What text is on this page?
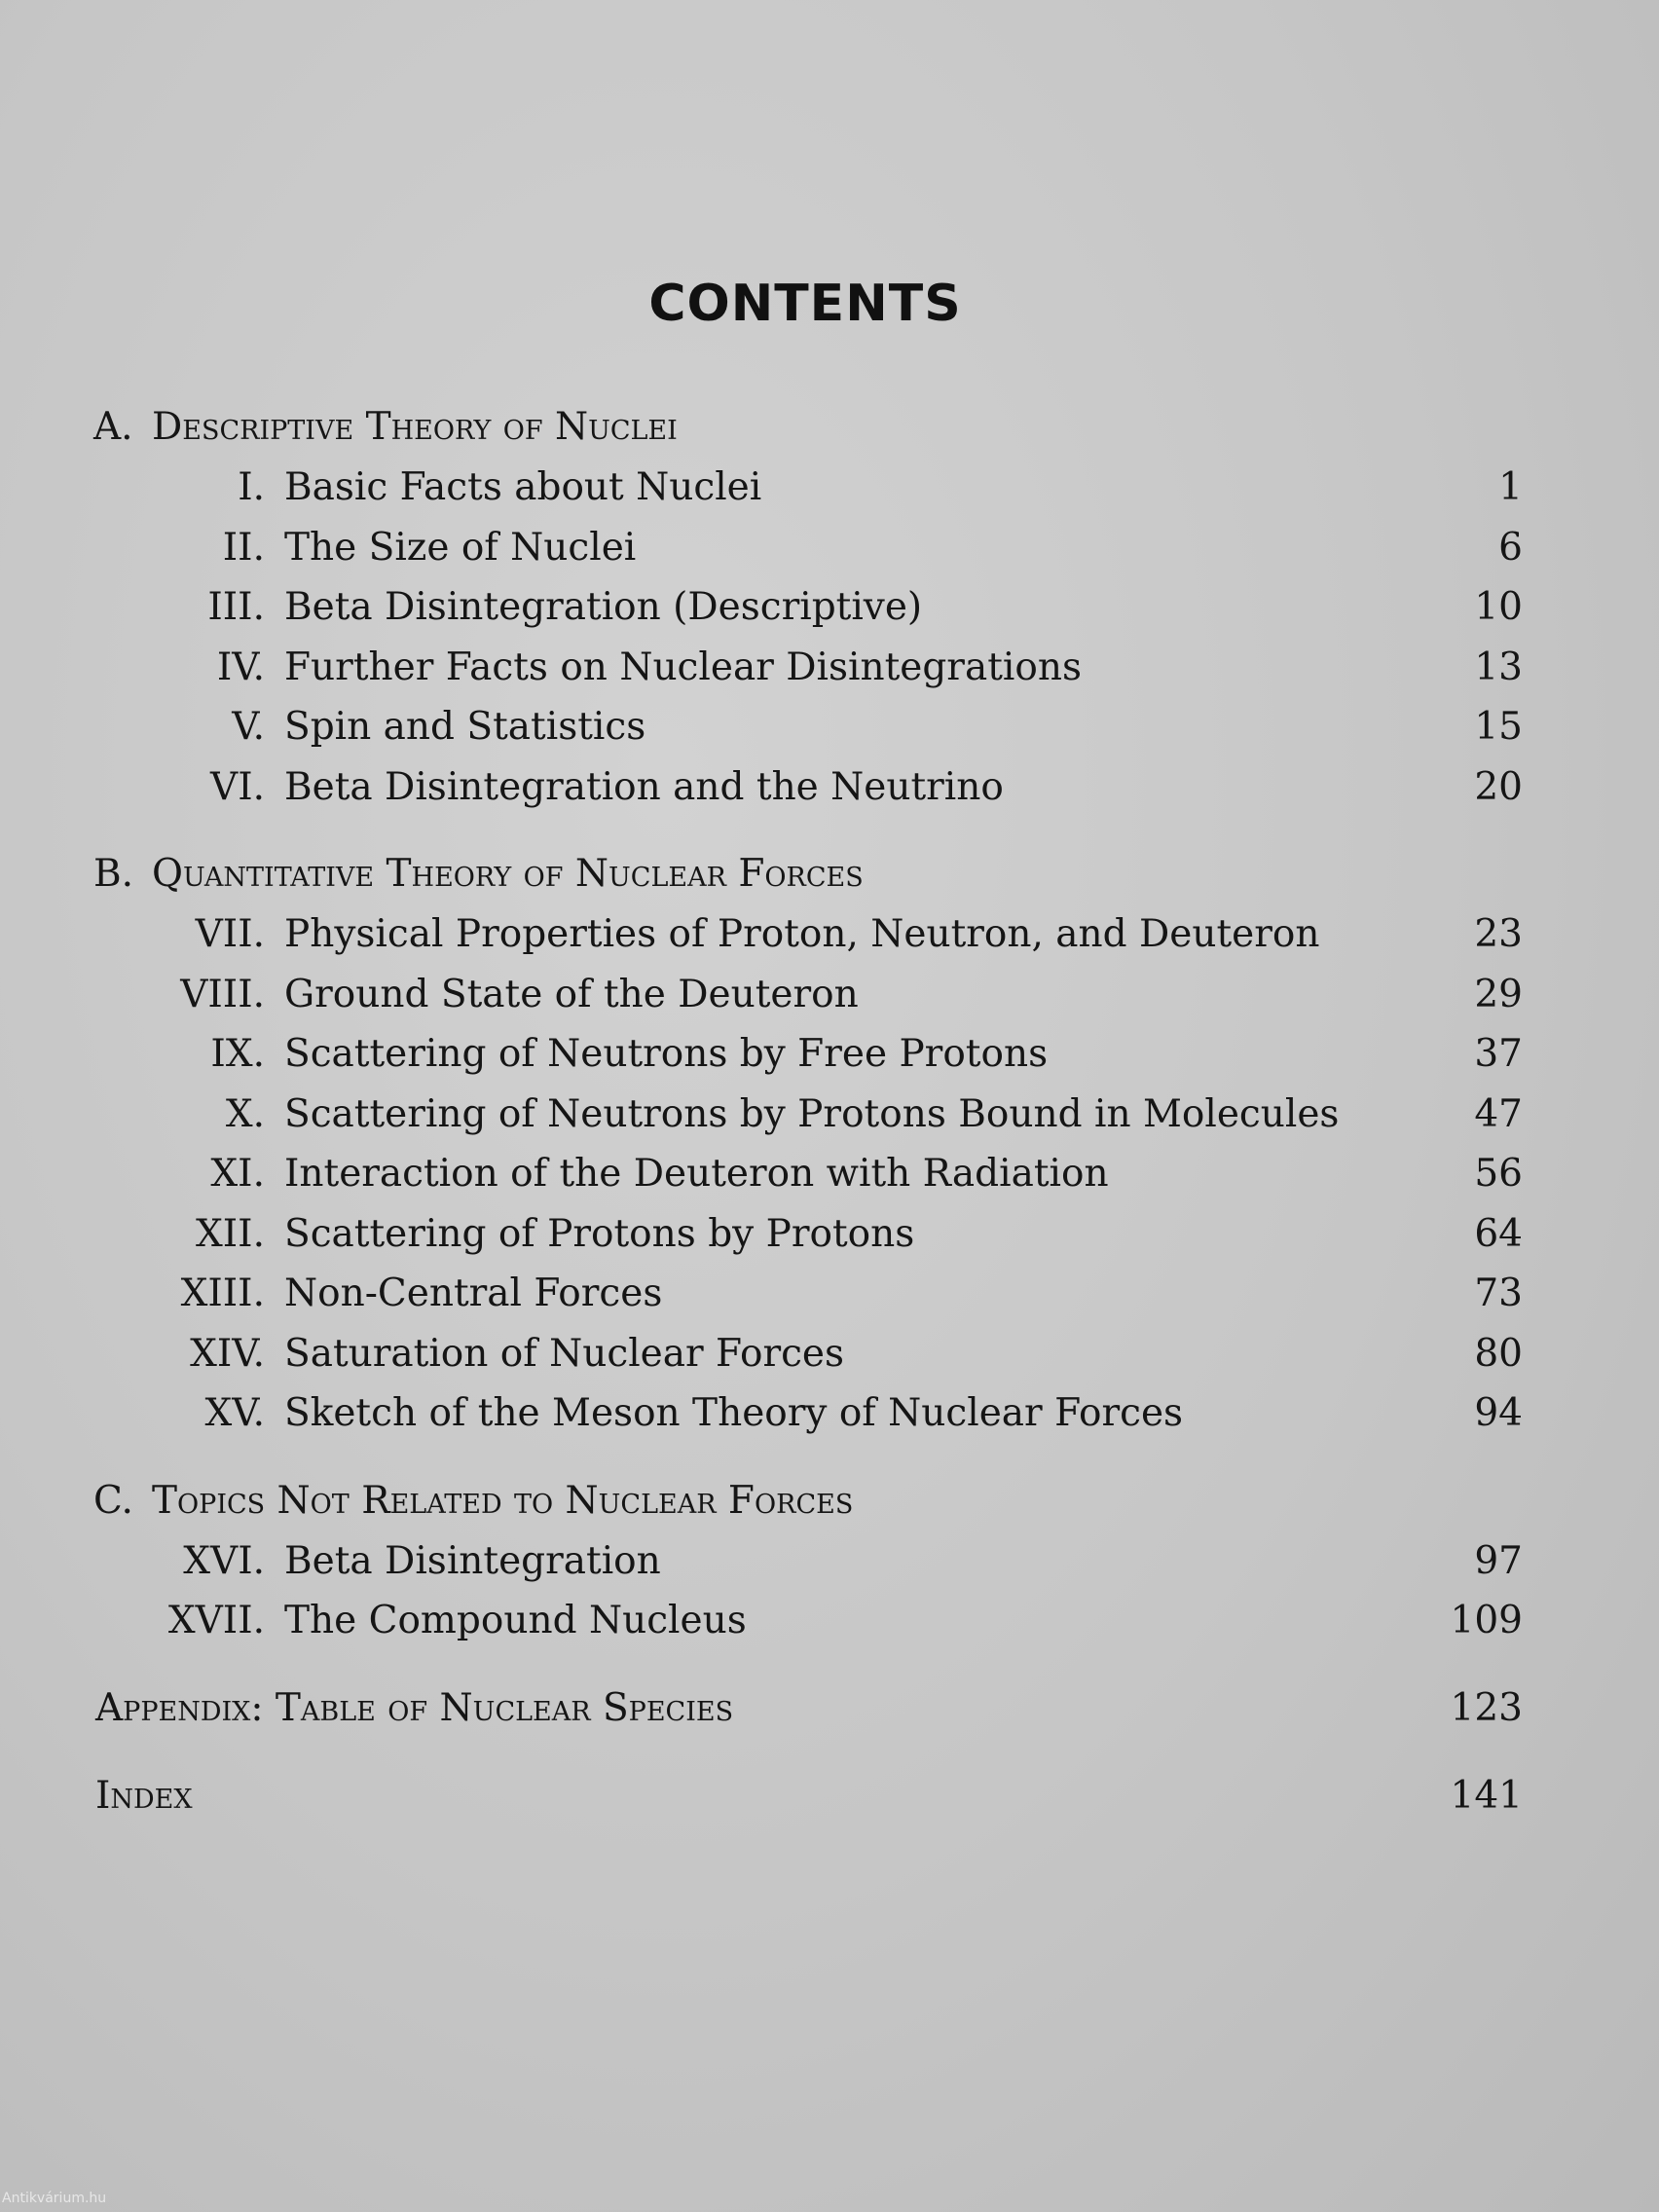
CONTENTS
A. Descriptive Theory of Nuclei
I. Basic Facts about Nuclei	1
II. The Size of Nuclei	6
III. Beta Disintegration (Descriptive)	10
IV. Further Facts on Nuclear Disintegrations	13
V. Spin and Statistics	15
VI. Beta Disintegration and the Neutrino	20
B. Quantitative Theory of Nuclear Forces
VII. Physical Properties of Proton, Neutron, and Deuteron	23
VIII. Ground State of the Deuteron	29
IX. Scattering of Neutrons by Free Protons	37
X. Scattering of Neutrons by Protons Bound in Molecules	47
XI. Interaction of the Deuteron with Radiation	56
XII. Scattering of Protons by Protons	64
XIII. Non-Central Forces	73
XIV. Saturation of Nuclear Forces	80
XV. Sketch of the Meson Theory of Nuclear Forces	94
C. Topics Not Related to Nuclear Forces
XVI. Beta Disintegration	97
XVII. The Compound Nucleus	109
Appendix: Table of Nuclear Species	123
Index	141
Antikvárium.hu
